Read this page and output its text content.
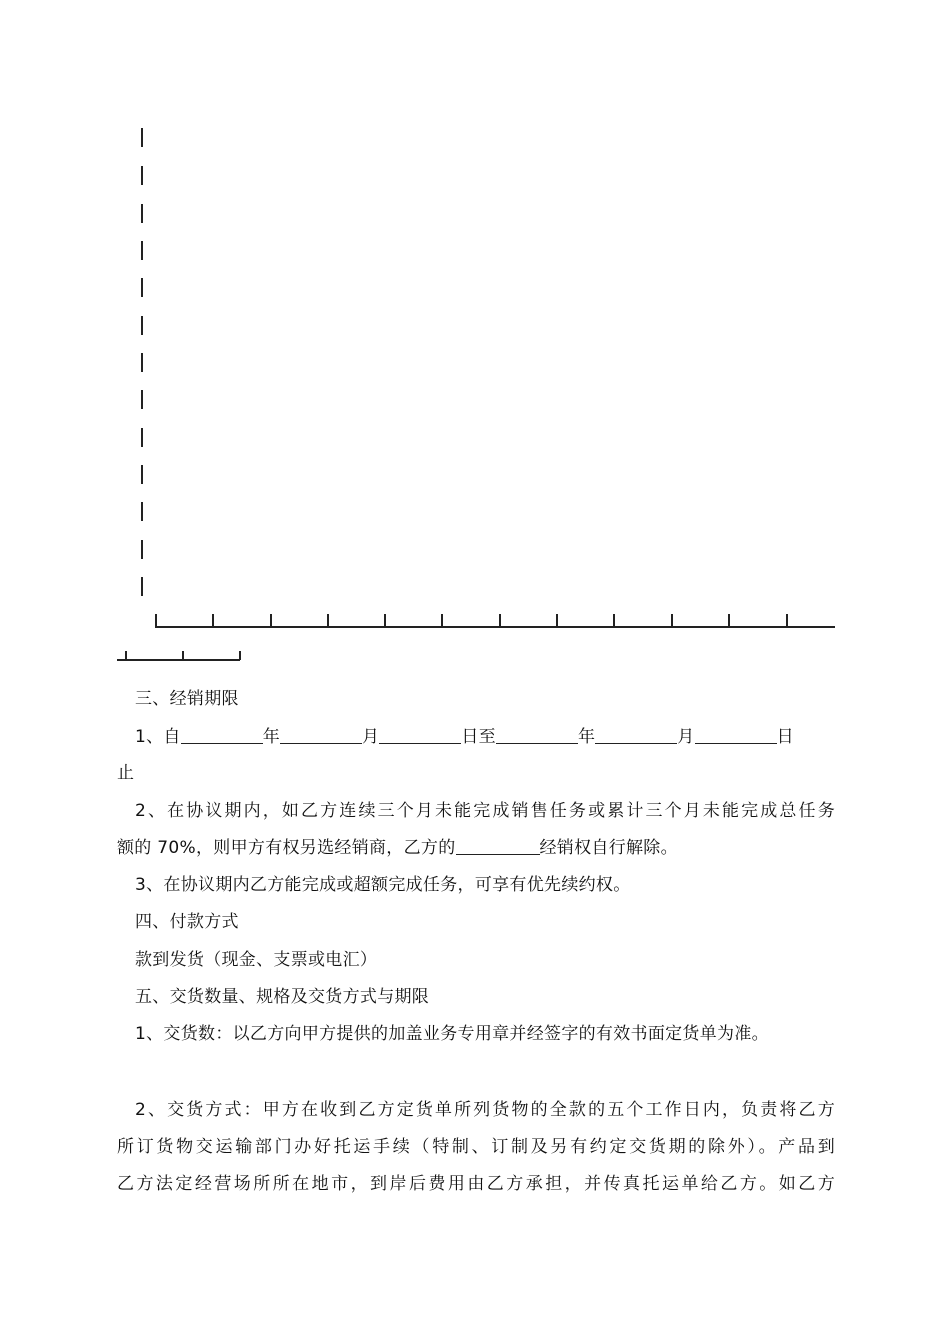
三、经销期限
1、自	年	月	日至	年	月	日
止
2、在协议期内，如乙方连续三个月未能完成销售任务或累计三个月未能完成总任务
额的 70%，则甲方有权另选经销商，乙方的	经销权自行解除。
3、在协议期内乙方能完成或超额完成任务，可享有优先续约权。
四、付款方式
款到发货（现金、支票或电汇）
五、交货数量、规格及交货方式与期限
1、交货数：以乙方向甲方提供的加盖业务专用章并经签字的有效书面定货单为准。
2、交货方式：甲方在收到乙方定货单所列货物的全款的五个工作日内，负责将乙方
所订货物交运输部门办好托运手续（特制、订制及另有约定交货期的除外）。产品到
乙方法定经营场所所在地市，到岸后费用由乙方承担，并传真托运单给乙方。如乙方
